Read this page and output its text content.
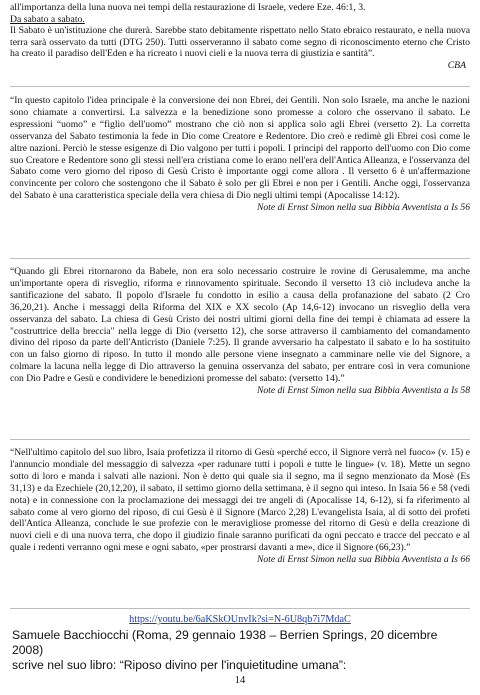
all'importanza della luna nuova nei tempi della restaurazione di Israele, vedere Eze. 46:1, 3.

Da sabato a sabato.

Il Sabato è un'istituzione che durerà. Sarebbe stato debitamente rispettato nello Stato ebraico restaurato, e nella nuova terra sarà osservato da tutti (DTG 250). Tutti osserveranno il sabato come segno di riconoscimento eterno che Cristo ha creato il paradiso dell'Eden e ha ricreato i nuovi cieli e la nuova terra di giustizia e santità”.

CBA

“In questo capitolo l'idea principale è la conversione dei non Ebrei, dei Gentili. Non solo Israele, ma anche le nazioni sono chiamate a convertirsi. La salvezza e la benedizione sono promesse a coloro che osservano il sabato. Le espressioni “uomo” e “figlio dell'uomo” mostrano che ciò non si applica solo agli Ebrei (versetto 2). La corretta osservanza del Sabato testimonia la fede in Dio come Creatore e Redentore. Dio creò e redimè gli Ebrei così come le altre nazioni. Perciò le stesse esigenze di Dio valgono per tutti i popoli. I principi del rapporto dell'uomo con Dio come suo Creatore e Redentore sono gli stessi nell'era cristiana come lo erano nell'era dell'Antica Alleanza, e l'osservanza del Sabato come vero giorno del riposo di Gesù Cristo è importante oggi come allora . Il versetto 6 è un'affermazione convincente per coloro che sostengono che il Sabato è solo per gli Ebrei e non per i Gentili. Anche oggi, l'osservanza del Sabato è una caratteristica speciale della vera chiesa di Dio negli ultimi tempi (Apocalisse 14:12).

Note di Ernst Simon nella sua Bibbia Avventista a Is 56

“Quando gli Ebrei ritornarono da Babele, non era solo necessario costruire le rovine di Gerusalemme, ma anche un'importante opera di risveglio, riforma e rinnovamento spirituale. Secondo il versetto 13 ciò includeva anche la santificazione del sabato. Il popolo d'Israele fu condotto in esilio a causa della profanazione del sabato (2 Cro 36,20,21). Anche i messaggi della Riforma del XIX e XX secolo (Ap 14,6-12) invocano un risveglio della vera osservanza del sabato. La chiesa di Gesù Cristo dei nostri ultimi giorni della fine dei tempi è chiamata ad essere la "costruttrice della breccia" nella legge di Dio (versetto 12), che sorse attraverso il cambiamento del comandamento divino del riposo da parte dell'Anticristo (Daniele 7:25). Il grande avversario ha calpestato il sabato e lo ha sostituito con un falso giorno di riposo. In tutto il mondo alle persone viene insegnato a camminare nelle vie del Signore, a colmare la lacuna nella legge di Dio attraverso la genuina osservanza del sabato, per entrare così in vera comunione con Dio Padre e Gesù e condividere le benedizioni promesse del sabato: (versetto 14).”

Note di Ernst Simon nella sua Bibbia Avventista a Is 58

“Nell'ultimo capitolo del suo libro, Isaia profetizza il ritorno di Gesù «perché ecco, il Signore verrà nel fuoco» (v. 15) e l'annuncio mondiale del messaggio di salvezza «per radunare tutti i popoli e tutte le lingue» (v. 18). Mette un segno sotto di loro e manda i salvati alle nazioni. Non è detto qui quale sia il segno, ma il segno menzionato da Mosè (Es 31,13) e da Ezechiele (20,12,20), il sabato, il settimo giorno della settimana, è il segno qui inteso. In Isaia 56 e 58 (vedi nota) e in connessione con la proclamazione dei messaggi dei tre angeli di (Apocalisse 14, 6-12), si fa riferimento al sabato come al vero giorno del riposo, di cui Gesù è il Signore (Marco 2,28) L'evangelista Isaia, al di sotto dei profeti dell'Antica Alleanza, conclude le sue profezie con le meravigliose promesse del ritorno di Gesù e della creazione di nuovi cieli e di una nuova terra, che dopo il giudizio finale saranno purificati da ogni peccato e tracce del peccato e al quale i redenti verranno ogni mese e ogni sabato, «per prostrarsi davanti a me», dice il Signore (66,23).”

Note di Ernst Simon nella sua Bibbia Avventista a Is 66
https://youtu.be/6aKSkOUnvIk?si=N-6U8qb7i7MdaC

Samuele Bacchiocchi (Roma, 29 gennaio 1938 – Berrien Springs, 20 dicembre 2008)

scrive nel suo libro: “Riposo divino per l'inquietitudine umana”:

14
